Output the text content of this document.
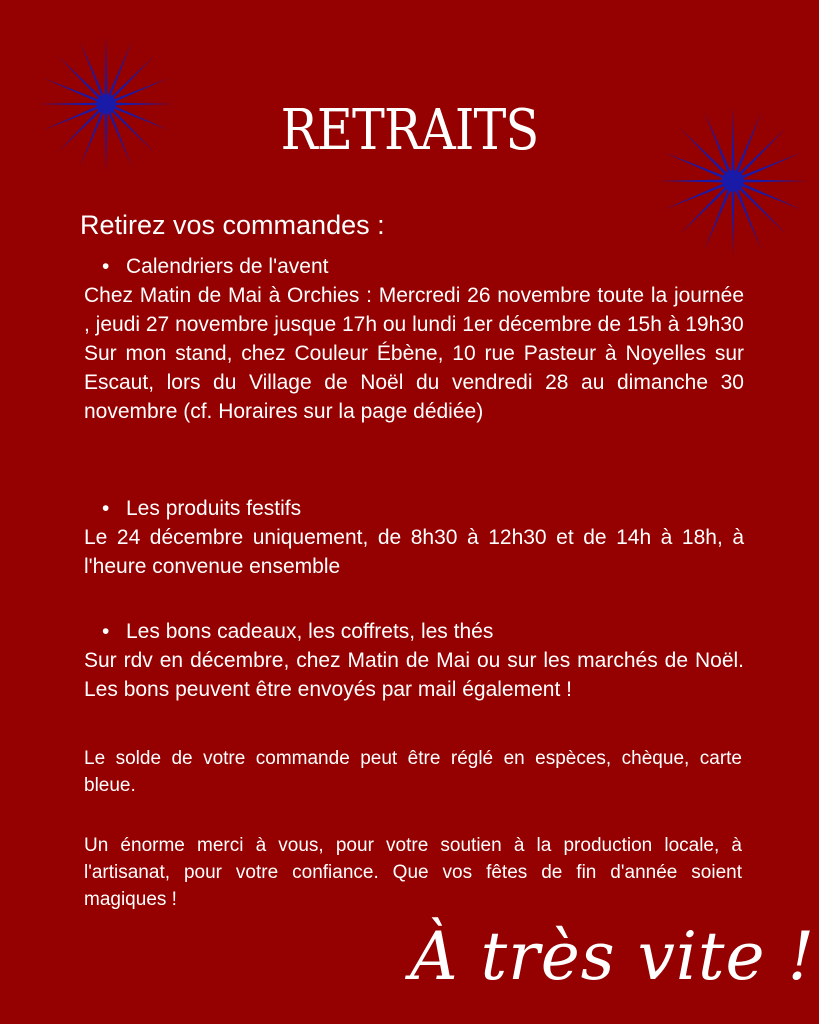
RETRAITS

Retirez vos commandes :

• Calendriers de l'avent

Chez Matin de Mai à Orchies : Mercredi 26 novembre toute la journée , jeudi 27 novembre jusque 17h ou lundi 1er décembre de 15h à 19h30

Sur mon stand, chez Couleur Ébène, 10 rue Pasteur à Noyelles sur Escaut, lors du Village de Noël du vendredi 28 au dimanche 30 novembre (cf. Horaires sur la page dédiée)

• Les produits festifs

Le 24 décembre uniquement, de 8h30 à 12h30 et de 14h à 18h, à l'heure convenue ensemble

• Les bons cadeaux, les coffrets, les thés

Sur rdv en décembre, chez Matin de Mai ou sur les marchés de Noël. Les bons peuvent être envoyés par mail également !

Le solde de votre commande peut être réglé en espèces, chèque, carte bleue.

Un énorme merci à vous, pour votre soutien à la production locale, à l'artisanat, pour votre confiance. Que vos fêtes de fin d'année soient magiques !

À très vite !
